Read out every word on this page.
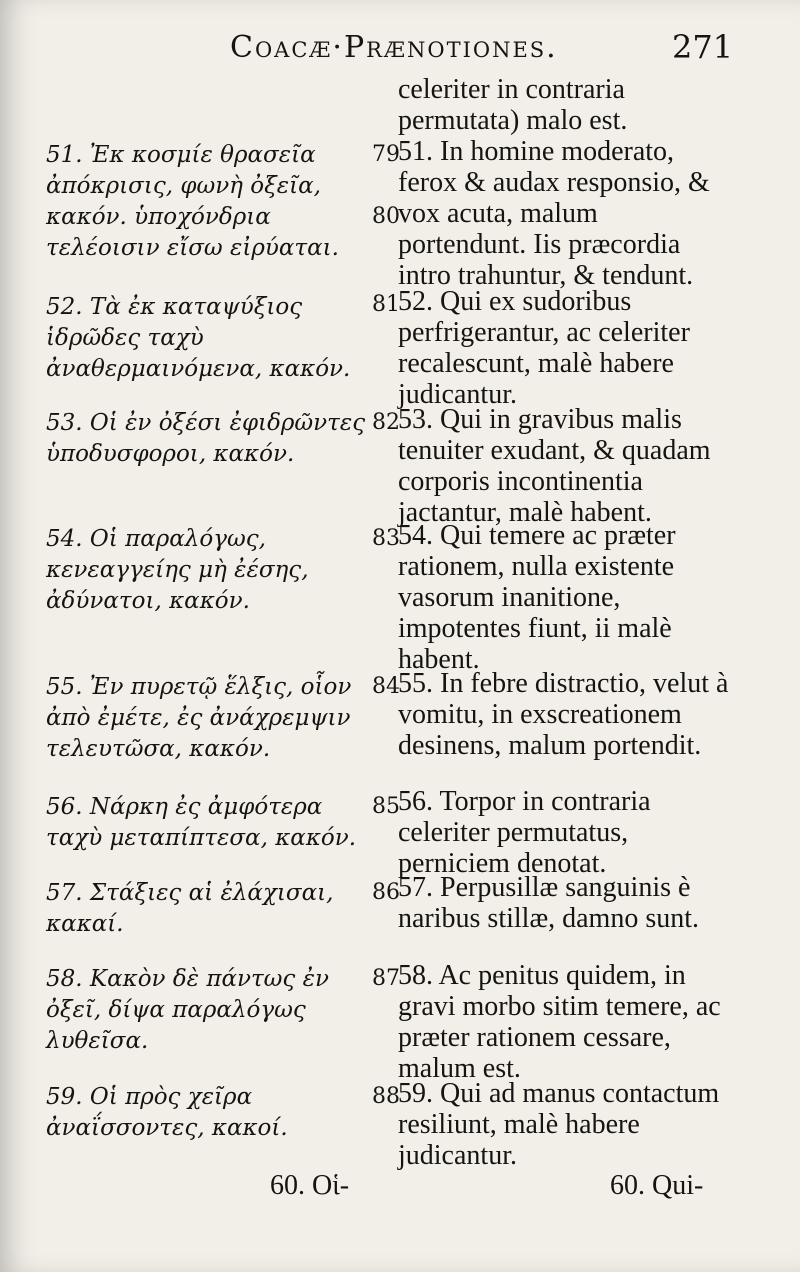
Coacæ·Prænotiones.	271
51. Ἐκ κοσμίε θρασεῖα ἀπόκρισις, φωνὴ ὀξεῖα, κακόν. ὑποχόνδρια τελέοισιν εἴσω εἰρύαται.
52. Τὰ ἐκ καταψύξιος ἱδρῶδες ταχὺ ἀναθερμαινόμενα, κακόν.
53. Οἱ ἐν ὀξέσι ἐφιδρῶντες ὑποδυσφοροι, κακόν.
54. Οἱ παραλόγως, κενεαγγείης μὴ ἐέσης, ἀδύνατοι, κακόν.
55. Ἐν πυρετῷ ἕλξις, οἷον ἀπὸ ἐμέτε, ἐς ἀνάχρεμψιν τελευτῶσα, κακόν.
56. Νάρκη ἐς ἀμφότερα ταχὺ μεταπίπτεσα, κακόν.
57. Στάξιες αἱ ἐλάχισαι, κακαί.
58. Κακὸν δὲ πάντως ἐν ὀξεῖ, δίψα παραλόγως λυθεῖσα.
59. Οἱ πρὸς χεῖρα ἀναΐσσοντες, κακοί.
79
80
81
82
83
84
85
86
87
88
celeriter in contraria permutata) malo est.
51. In homine moderato, ferox & audax responsio, & vox acuta, malum portendunt. Iis præcordia intro trahuntur, & tendunt.
52. Qui ex sudoribus perfrigerantur, ac celeriter recalescunt, malè habere judicantur.
53. Qui in gravibus malis tenuiter exudant, & quadam corporis incontinentia jactantur, malè habent.
54. Qui temere ac præter rationem, nulla existente vasorum inanitione, impotentes fiunt, ii malè habent.
55. In febre distractio, velut à vomitu, in exscreationem desinens, malum portendit.
56. Torpor in contraria celeriter permutatus, perniciem denotat.
57. Perpusillæ sanguinis è naribus stillæ, damno sunt.
58. Ac penitus quidem, in gravi morbo sitim temere, ac præter rationem cessare, malum est.
59. Qui ad manus contactum resiliunt, malè habere judicantur.
60. Οἱ-	60. Qui-
